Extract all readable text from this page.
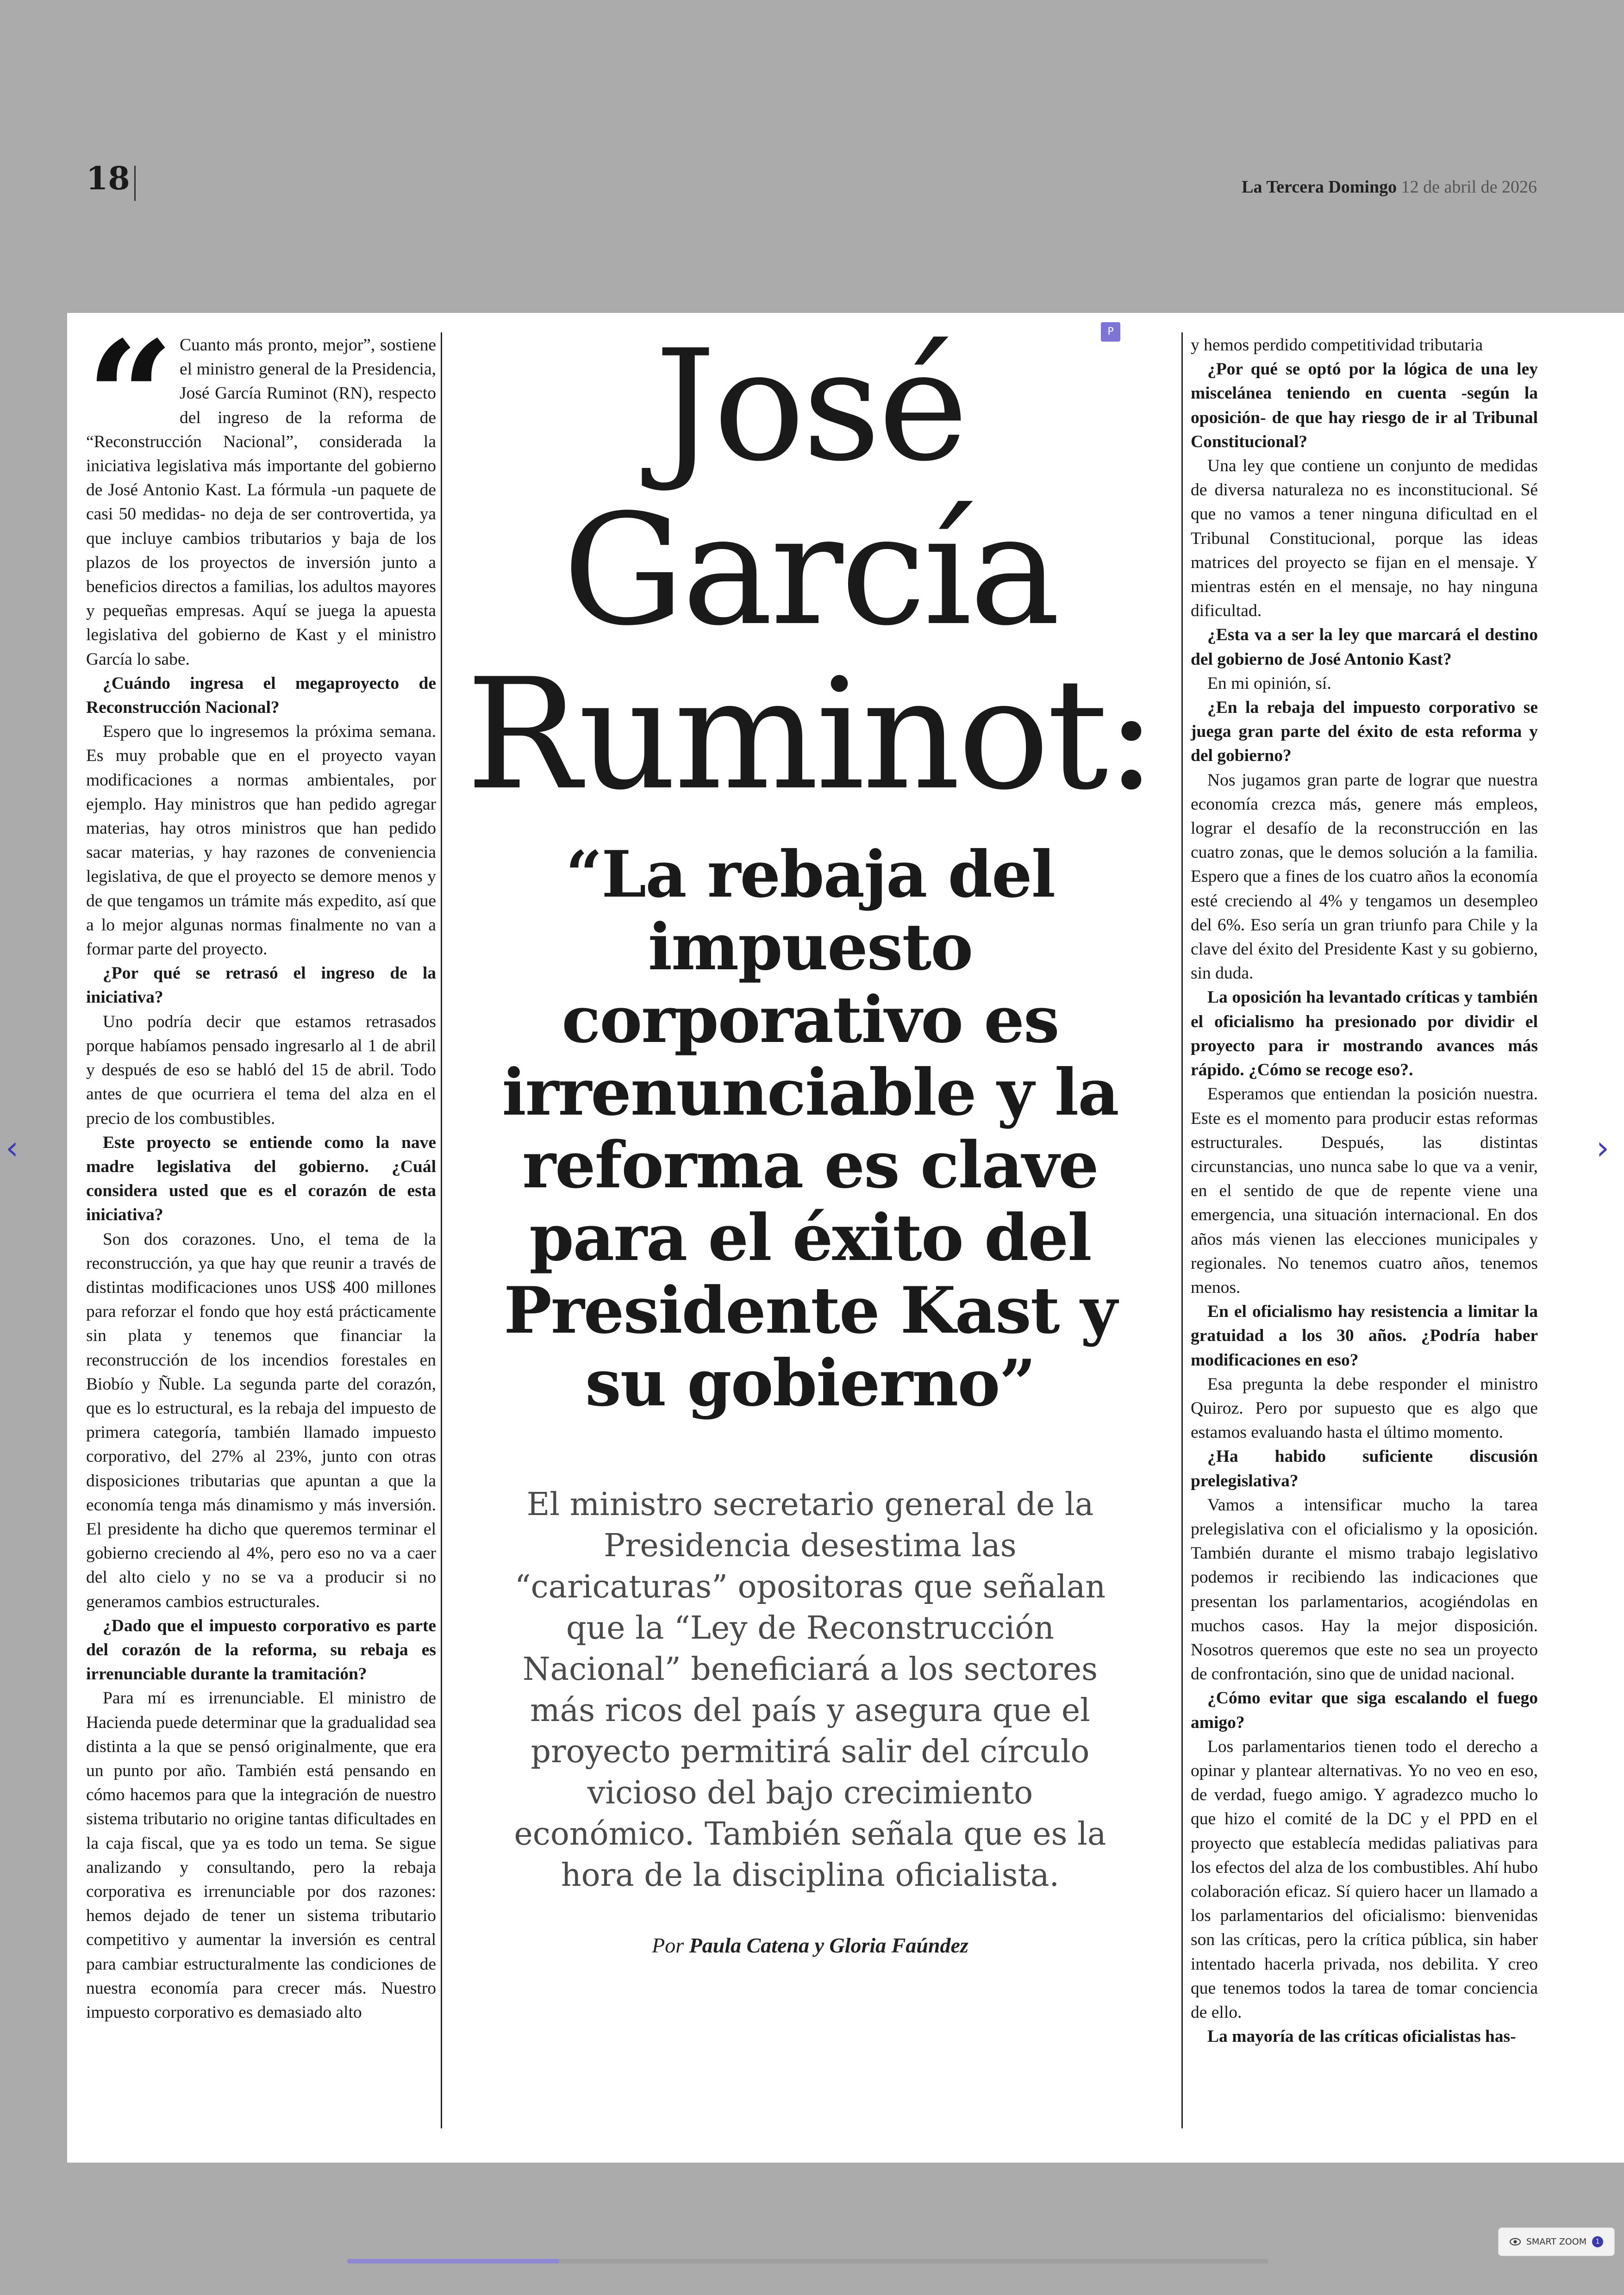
18	La Tercera Domingo 12 de abril de 2026
P
“ Cuanto más pronto, mejor”, sostiene el ministro general de la Presidencia, José García Ruminot (RN), respecto del ingreso de la reforma de “Reconstrucción Nacional”, considerada la iniciativa legislativa más importante del gobierno de José Antonio Kast. La fórmula -un paquete de casi 50 medidas- no deja de ser controvertida, ya que incluye cambios tributarios y baja de los plazos de los proyectos de inversión junto a beneficios directos a familias, los adultos mayores y pequeñas empresas. Aquí se juega la apuesta legislativa del gobierno de Kast y el ministro García lo sabe.

¿Cuándo ingresa el megaproyecto de Reconstrucción Nacional?

Espero que lo ingresemos la próxima semana. Es muy probable que en el proyecto vayan modificaciones a normas ambientales, por ejemplo. Hay ministros que han pedido agregar materias, hay otros ministros que han pedido sacar materias, y hay razones de conveniencia legislativa, de que el proyecto se demore menos y de que tengamos un trámite más expedito, así que a lo mejor algunas normas finalmente no van a formar parte del proyecto.

¿Por qué se retrasó el ingreso de la iniciativa?

Uno podría decir que estamos retrasados porque habíamos pensado ingresarlo al 1 de abril y después de eso se habló del 15 de abril. Todo antes de que ocurriera el tema del alza en el precio de los combustibles.

Este proyecto se entiende como la nave madre legislativa del gobierno. ¿Cuál considera usted que es el corazón de esta iniciativa?

Son dos corazones. Uno, el tema de la reconstrucción, ya que hay que reunir a través de distintas modificaciones unos US$ 400 millones para reforzar el fondo que hoy está prácticamente sin plata y tenemos que financiar la reconstrucción de los incendios forestales en Biobío y Ñuble. La segunda parte del corazón, que es lo estructural, es la rebaja del impuesto de primera categoría, también llamado impuesto corporativo, del 27% al 23%, junto con otras disposiciones tributarias que apuntan a que la economía tenga más dinamismo y más inversión. El presidente ha dicho que queremos terminar el gobierno creciendo al 4%, pero eso no va a caer del alto cielo y no se va a producir si no generamos cambios estructurales.

¿Dado que el impuesto corporativo es parte del corazón de la reforma, su rebaja es irrenunciable durante la tramitación?

Para mí es irrenunciable. El ministro de Hacienda puede determinar que la gradualidad sea distinta a la que se pensó originalmente, que era un punto por año. También está pensando en cómo hacemos para que la integración de nuestro sistema tributario no origine tantas dificultades en la caja fiscal, que ya es todo un tema. Se sigue analizando y consultando, pero la rebaja corporativa es irrenunciable por dos razones: hemos dejado de tener un sistema tributario competitivo y aumentar la inversión es central para cambiar estructuralmente las condiciones de nuestra economía para crecer más. Nuestro impuesto corporativo es demasiado alto

José
García
Ruminot:
“La rebaja del impuesto corporativo es irrenunciable y la reforma es clave para el éxito del Presidente Kast y su gobierno”
El ministro secretario general de la Presidencia desestima las “caricaturas” opositoras que señalan que la “Ley de Reconstrucción Nacional” beneficiará a los sectores más ricos del país y asegura que el proyecto permitirá salir del círculo vicioso del bajo crecimiento económico. También señala que es la hora de la disciplina oficialista.
Por Paula Catena y Gloria Faúndez

y hemos perdido competitividad tributaria

¿Por qué se optó por la lógica de una ley miscelánea teniendo en cuenta -según la oposición- de que hay riesgo de ir al Tribunal Constitucional?

Una ley que contiene un conjunto de medidas de diversa naturaleza no es inconstitucional. Sé que no vamos a tener ninguna dificultad en el Tribunal Constitucional, porque las ideas matrices del proyecto se fijan en el mensaje. Y mientras estén en el mensaje, no hay ninguna dificultad.

¿Esta va a ser la ley que marcará el destino del gobierno de José Antonio Kast?

En mi opinión, sí.

¿En la rebaja del impuesto corporativo se juega gran parte del éxito de esta reforma y del gobierno?

Nos jugamos gran parte de lograr que nuestra economía crezca más, genere más empleos, lograr el desafío de la reconstrucción en las cuatro zonas, que le demos solución a la familia. Espero que a fines de los cuatro años la economía esté creciendo al 4% y tengamos un desempleo del 6%. Eso sería un gran triunfo para Chile y la clave del éxito del Presidente Kast y su gobierno, sin duda.

La oposición ha levantado críticas y también el oficialismo ha presionado por dividir el proyecto para ir mostrando avances más rápido. ¿Cómo se recoge eso?.

Esperamos que entiendan la posición nuestra. Este es el momento para producir estas reformas estructurales. Después, las distintas circunstancias, uno nunca sabe lo que va a venir, en el sentido de que de repente viene una emergencia, una situación internacional. En dos años más vienen las elecciones municipales y regionales. No tenemos cuatro años, tenemos menos.

En el oficialismo hay resistencia a limitar la gratuidad a los 30 años. ¿Podría haber modificaciones en eso?

Esa pregunta la debe responder el ministro Quiroz. Pero por supuesto que es algo que estamos evaluando hasta el último momento.

¿Ha habido suficiente discusión prelegislativa?

Vamos a intensificar mucho la tarea prelegislativa con el oficialismo y la oposición. También durante el mismo trabajo legislativo podemos ir recibiendo las indicaciones que presentan los parlamentarios, acogiéndolas en muchos casos. Hay la mejor disposición. Nosotros queremos que este no sea un proyecto de confrontación, sino que de unidad nacional.

¿Cómo evitar que siga escalando el fuego amigo?

Los parlamentarios tienen todo el derecho a opinar y plantear alternativas. Yo no veo en eso, de verdad, fuego amigo. Y agradezco mucho lo que hizo el comité de la DC y el PPD en el proyecto que establecía medidas paliativas para los efectos del alza de los combustibles. Ahí hubo colaboración eficaz. Sí quiero hacer un llamado a los parlamentarios del oficialismo: bienvenidas son las críticas, pero la crítica pública, sin haber intentado hacerla privada, nos debilita. Y creo que tenemos todos la tarea de tomar conciencia de ello.

La mayoría de las críticas oficialistas has-

‹	›
SMART ZOOM	1
